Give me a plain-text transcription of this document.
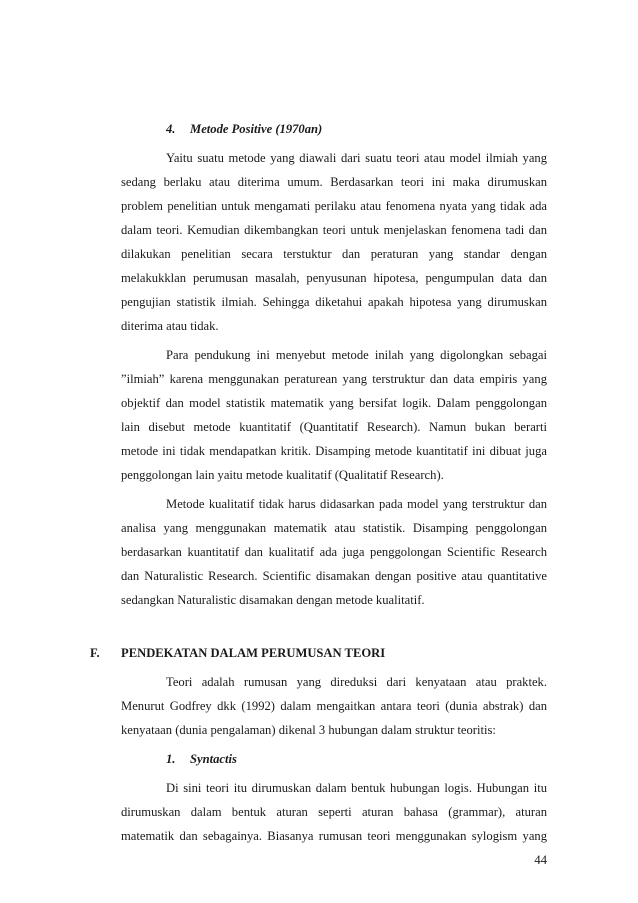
4. Metode Positive (1970an)
Yaitu suatu metode yang diawali dari suatu teori atau model ilmiah yang
sedang berlaku atau diterima umum. Berdasarkan teori ini maka dirumuskan
problem penelitian untuk mengamati perilaku atau fenomena nyata yang tidak ada
dalam teori. Kemudian dikembangkan teori untuk menjelaskan fenomena tadi dan
dilakukan penelitian secara terstuktur dan peraturan yang standar dengan
melakukklan perumusan masalah, penyusunan hipotesa, pengumpulan data dan
pengujian statistik ilmiah. Sehingga diketahui apakah hipotesa yang dirumuskan
diterima atau tidak.
Para pendukung ini menyebut metode inilah yang digolongkan sebagai
”ilmiah” karena menggunakan peraturean yang terstruktur dan data empiris yang
objektif dan model statistik matematik yang bersifat logik. Dalam penggolongan
lain disebut metode kuantitatif (Quantitatif Research). Namun bukan berarti
metode ini tidak mendapatkan kritik. Disamping metode kuantitatif ini dibuat juga
penggolongan lain yaitu metode kualitatif (Qualitatif Research).
Metode kualitatif tidak harus didasarkan pada model yang terstruktur dan
analisa yang menggunakan matematik atau statistik. Disamping penggolongan
berdasarkan kuantitatif dan kualitatif ada juga penggolongan Scientific Research
dan Naturalistic Research. Scientific disamakan dengan positive atau quantitative
sedangkan Naturalistic disamakan dengan metode kualitatif.
F. PENDEKATAN DALAM PERUMUSAN TEORI
Teori adalah rumusan yang direduksi dari kenyataan atau praktek.
Menurut Godfrey dkk (1992) dalam mengaitkan antara teori (dunia abstrak) dan
kenyataan (dunia pengalaman) dikenal 3 hubungan dalam struktur teoritis:
1. Syntactis
Di sini teori itu dirumuskan dalam bentuk hubungan logis. Hubungan itu
dirumuskan dalam bentuk aturan seperti aturan bahasa (grammar), aturan
matematik dan sebagainya. Biasanya rumusan teori menggunakan sylogism yang
44
